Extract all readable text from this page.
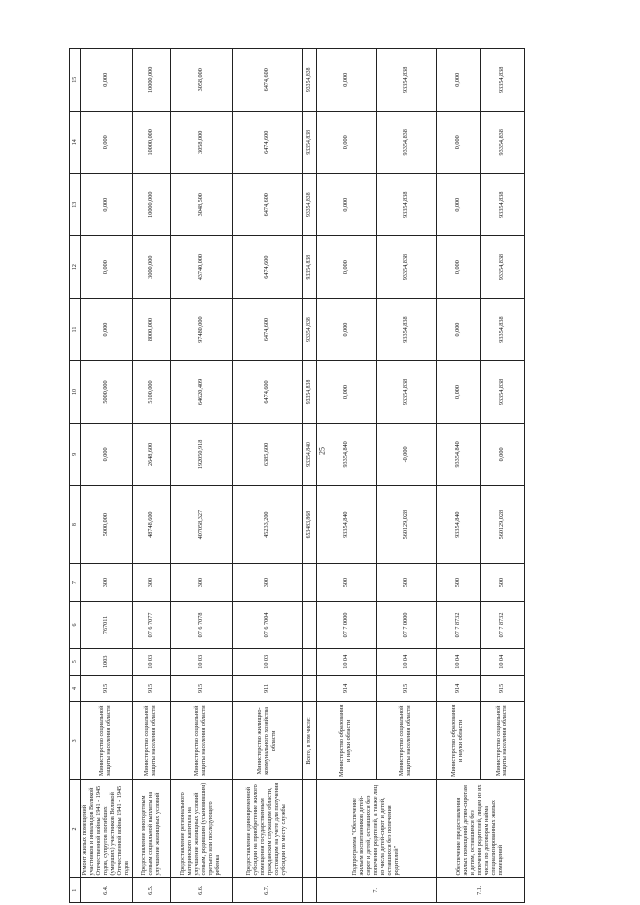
25
1	2	3	4	5	6	7	8	9	10	11	12	13	14	15
6.4.	Ремонт жилых помещений участников и инвалидов Великой Отечественной войны 1941 - 1945 годов, супругов погибших (умерших) участников Великой Отечественной войны 1941 - 1945 годов	Министерство социальной защиты населения области	915	1003	767011	300	5000,000	0,000	5000,000	0,000	0,000	0,000	0,000	0,000
6.5.	Предоставление многодетным семьям социальной выплаты на улучшение жилищных условий	Министерство социальной защиты населения области	915	10 03	07 6 7077	300	48748,600	2648,600	5100,000	8000,000	3000,000	10000,000	10000,000	10000,000
6.6.	Предоставление регионального материнского капитала на улучшение жилищных условий семьям, родившим (усыновившим) третьего или последующего ребенка	Министерство социальной защиты населения области	915	10 03	07 6 7078	300	407058,327	192050,918	64620,409	97480,000	43740,000	3048,500	3058,000	3058,000
6.7.	Предоставление единовременной субсидии на приобретение жилого помещения государственным гражданским служащим области, состоящим на учете для получения субсидии по месту службы	Министерство жилищно-коммунального хозяйства области	911	10 03	07 6 7004	300	45233,200	6385,600	6474,600	6474,600	6474,600	6474,600	6474,600	6474,600
		Всего, в том числе:					653483,868	93354,840	93354,838	93354,838	93354,838	93354,838	93354,838	93354,838
7.	Подпрограмма "Обеспечение жильем воспитанников детей-сирот и детей, оставшихся без попечения родителей, а также лиц из числа детей-сирот и детей, оставшихся без попечения родителей"	Министерство образования и науки области	914	10 04	07 7 0000	500	93354,840	93354,840	0,000	0,000	0,000	0,000	0,000	0,000
		Министерство социальной защиты населения области	915	10 04	07 7 0000	500	560129,028	-0,000	93354,838	93354,838	93354,838	93354,838	93354,838	93354,838
7.1.	Обеспечение предоставления жилых помещений детям-сиротам и детям, оставшимся без попечения родителей, лицам из их числа по договорам найма специализированных жилых помещений	Министерство образования и науки области	914	10 04	07 7 8732	500	93354,840	93354,840	0,000	0,000	0,000	0,000	0,000	0,000
		Министерство социальной защиты населения области	915	10 04	07 7 8732	500	560129,028	0,000	93354,838	93354,838	93354,838	93354,838	93354,838	93354,838
